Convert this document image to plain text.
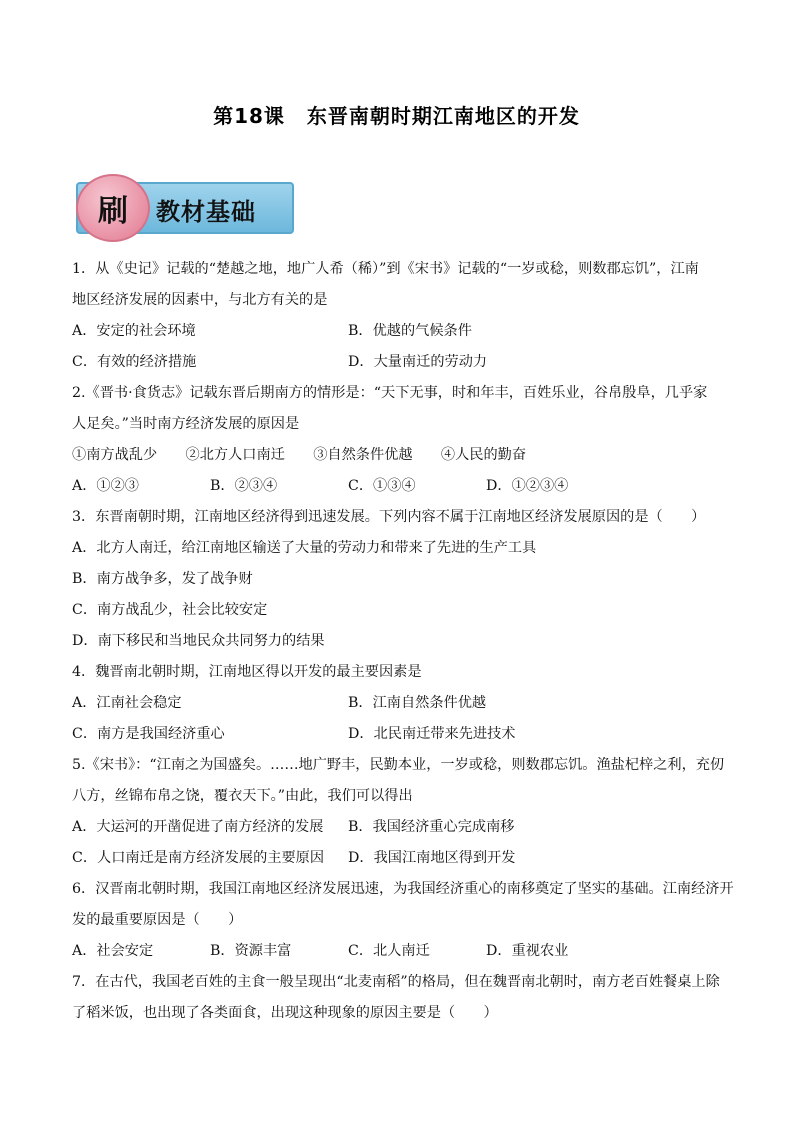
第18课 东晋南朝时期江南地区的开发
刷	教材基础
1．从《史记》记载的“楚越之地，地广人希（稀）”到《宋书》记载的“一岁或稔，则数郡忘饥”，江南
地区经济发展的因素中，与北方有关的是
A．安定的社会环境	B．优越的气候条件
C．有效的经济措施	D．大量南迁的劳动力
2.《晋书·食货志》记载东晋后期南方的情形是：“天下无事，时和年丰，百姓乐业，谷帛殷阜，几乎家
人足矣。”当时南方经济发展的原因是
①南方战乱少　　②北方人口南迁　　③自然条件优越　　④人民的勤奋
A．①②③	B．②③④	C．①③④	D．①②③④
3．东晋南朝时期，江南地区经济得到迅速发展。下列内容不属于江南地区经济发展原因的是（　　）
A．北方人南迁，给江南地区输送了大量的劳动力和带来了先进的生产工具
B．南方战争多，发了战争财
C．南方战乱少，社会比较安定
D．南下移民和当地民众共同努力的结果
4．魏晋南北朝时期，江南地区得以开发的最主要因素是
A．江南社会稳定	B．江南自然条件优越
C．南方是我国经济重心	D．北民南迁带来先进技术
5.《宋书》：“江南之为国盛矣。……地广野丰，民勤本业，一岁或稔，则数郡忘饥。渔盐杞梓之利，充仞
八方，丝锦布帛之饶，覆衣天下。”由此，我们可以得出
A．大运河的开凿促进了南方经济的发展	B．我国经济重心完成南移
C．人口南迁是南方经济发展的主要原因	D．我国江南地区得到开发
6．汉晋南北朝时期，我国江南地区经济发展迅速，为我国经济重心的南移奠定了坚实的基础。江南经济开
发的最重要原因是（　　）
A．社会安定	B．资源丰富	C．北人南迁	D．重视农业
7．在古代，我国老百姓的主食一般呈现出“北麦南稻”的格局，但在魏晋南北朝时，南方老百姓餐桌上除
了稻米饭，也出现了各类面食，出现这种现象的原因主要是（　　）
